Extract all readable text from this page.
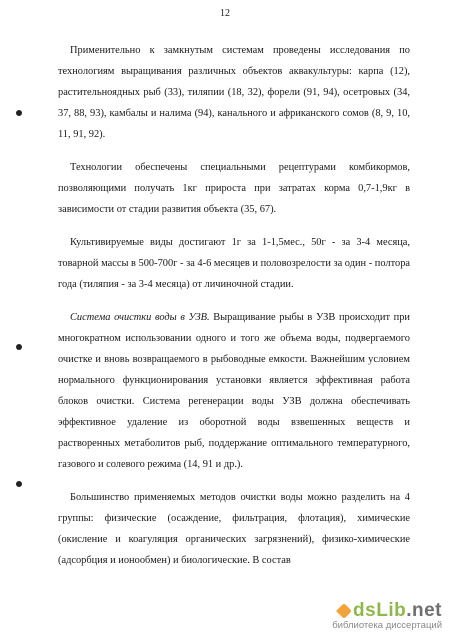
12

Применительно к замкнутым системам проведены исследования по технологиям выращивания различных объектов аквакультуры: карпа (12), растительноядных рыб (33), тиляпии (18, 32), форели (91, 94), осетровых (34, 37, 88, 93), камбалы и налима (94), канального и африканского сомов (8, 9, 10, 11, 91, 92).

Технологии обеспечены специальными рецептурами комбикормов, позволяющими получать 1кг прироста при затратах корма 0,7-1,9кг в зависимости от стадии развития объекта (35, 67).

Культивируемые виды достигают 1г за 1-1,5мес., 50г - за 3-4 месяца, товарной массы в 500-700г - за 4-6 месяцев и половозрелости за один - полтора года (тиляпия - за 3-4 месяца) от личиночной стадии.

Система очистки воды в УЗВ. Выращивание рыбы в УЗВ происходит при многократном использовании одного и того же объема воды, подвергаемого очистке и вновь возвращаемого в рыбоводные емкости. Важнейшим условием нормального функционирования установки является эффективная работа блоков очистки. Система регенерации воды УЗВ должна обеспечивать эффективное удаление из оборотной воды взвешенных веществ и растворенных метаболитов рыб, поддержание оптимального температурного, газового и солевого режима (14, 91 и др.).

Большинство применяемых методов очистки воды можно разделить на 4 группы: физические (осаждение, фильтрация, флотация), химические (окисление и коагуляция органических загрязнений), физико-химические (адсорбция и ионообмен) и биологические. В состав

dsLib.net
библиотека диссертаций
